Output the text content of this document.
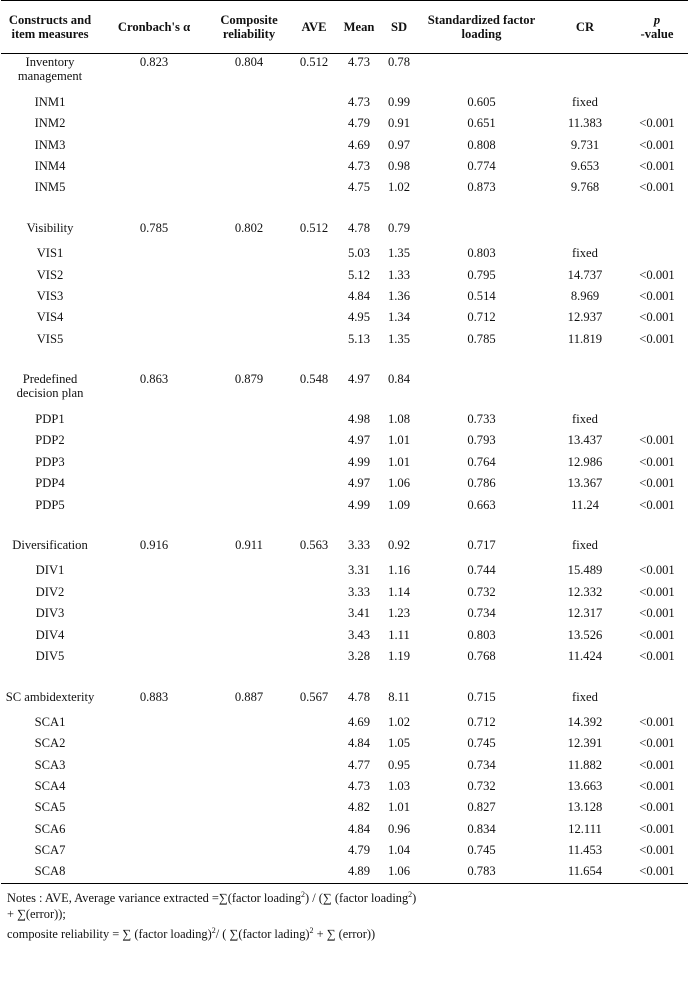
Constructs and item measures	Cronbach's α	Composite reliability	AVE	Mean	SD	Standardized factor loading	CR	p
-value

Inventory management	0.823	0.804	0.512	4.73	0.78			
INM1				4.73	0.99	0.605	fixed	
INM2				4.79	0.91	0.651	11.383	<0.001
INM3				4.69	0.97	0.808	9.731	<0.001
INM4				4.73	0.98	0.774	9.653	<0.001
INM5				4.75	1.02	0.873	9.768	<0.001

Visibility	0.785	0.802	0.512	4.78	0.79			
VIS1				5.03	1.35	0.803	fixed	
VIS2				5.12	1.33	0.795	14.737	<0.001
VIS3				4.84	1.36	0.514	8.969	<0.001
VIS4				4.95	1.34	0.712	12.937	<0.001
VIS5				5.13	1.35	0.785	11.819	<0.001

Predefined decision plan	0.863	0.879	0.548	4.97	0.84			
PDP1				4.98	1.08	0.733	fixed	
PDP2				4.97	1.01	0.793	13.437	<0.001
PDP3				4.99	1.01	0.764	12.986	<0.001
PDP4				4.97	1.06	0.786	13.367	<0.001
PDP5				4.99	1.09	0.663	11.24	<0.001

Diversification	0.916	0.911	0.563	3.33	0.92	0.717	fixed	
DIV1				3.31	1.16	0.744	15.489	<0.001
DIV2				3.33	1.14	0.732	12.332	<0.001
DIV3				3.41	1.23	0.734	12.317	<0.001
DIV4				3.43	1.11	0.803	13.526	<0.001
DIV5				3.28	1.19	0.768	11.424	<0.001

SC ambidexterity	0.883	0.887	0.567	4.78	8.11	0.715	fixed	
SCA1				4.69	1.02	0.712	14.392	<0.001
SCA2				4.84	1.05	0.745	12.391	<0.001
SCA3				4.77	0.95	0.734	11.882	<0.001
SCA4				4.73	1.03	0.732	13.663	<0.001
SCA5				4.82	1.01	0.827	13.128	<0.001
SCA6				4.84	0.96	0.834	12.111	<0.001
SCA7				4.79	1.04	0.745	11.453	<0.001
SCA8				4.89	1.06	0.783	11.654	<0.001
Notes : AVE, Average variance extracted =∑(factor loading$^2$) / (∑ (factor loading$^2$) + ∑(error));								
composite reliability = ∑ (factor loading)$^2$/ ( ∑(factor lading)$^2$ + ∑ (error))								
